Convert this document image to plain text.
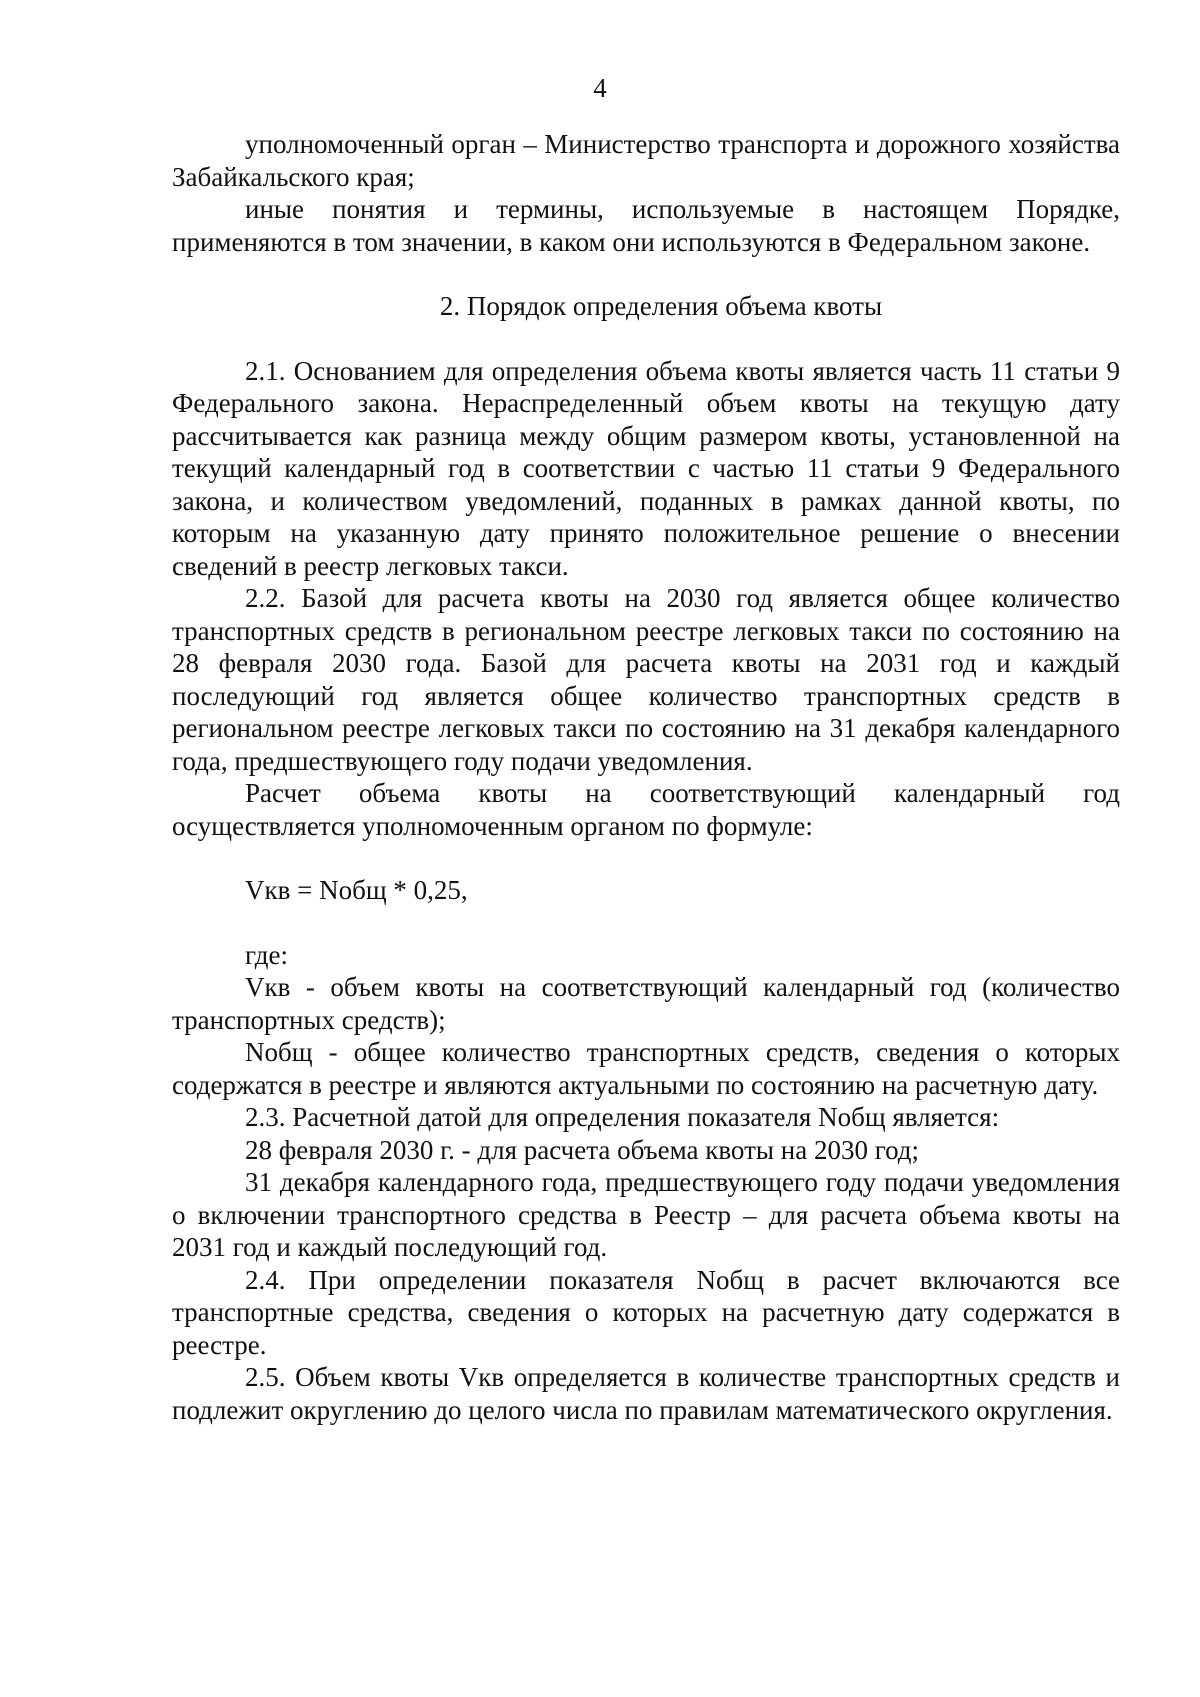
4

уполномоченный орган – Министерство транспорта и дорожного хозяйства Забайкальского края;

иные понятия и термины, используемые в настоящем Порядке, применяются в том значении, в каком они используются в Федеральном законе.

2. Порядок определения объема квоты

2.1. Основанием для определения объема квоты является часть 11 статьи 9 Федерального закона. Нераспределенный объем квоты на текущую дату рассчитывается как разница между общим размером квоты, установленной на текущий календарный год в соответствии с частью 11 статьи 9 Федерального закона, и количеством уведомлений, поданных в рамках данной квоты, по которым на указанную дату принято положительное решение о внесении сведений в реестр легковых такси.

2.2. Базой для расчета квоты на 2030 год является общее количество транспортных средств в региональном реестре легковых такси по состоянию на 28 февраля 2030 года. Базой для расчета квоты на 2031 год и каждый последующий год является общее количество транспортных средств в региональном реестре легковых такси по состоянию на 31 декабря календарного года, предшествующего году подачи уведомления.

Расчет объема квоты на соответствующий календарный год осуществляется уполномоченным органом по формуле:

Vкв = Nобщ * 0,25,

где:

Vкв - объем квоты на соответствующий календарный год (количество транспортных средств);

Nобщ - общее количество транспортных средств, сведения о которых содержатся в реестре и являются актуальными по состоянию на расчетную дату.

2.3. Расчетной датой для определения показателя Nобщ является:

28 февраля 2030 г. - для расчета объема квоты на 2030 год;

31 декабря календарного года, предшествующего году подачи уведомления о включении транспортного средства в Реестр – для расчета объема квоты на 2031 год и каждый последующий год.

2.4. При определении показателя Nобщ в расчет включаются все транспортные средства, сведения о которых на расчетную дату содержатся в реестре.

2.5. Объем квоты Vкв определяется в количестве транспортных средств и подлежит округлению до целого числа по правилам математического округления.
